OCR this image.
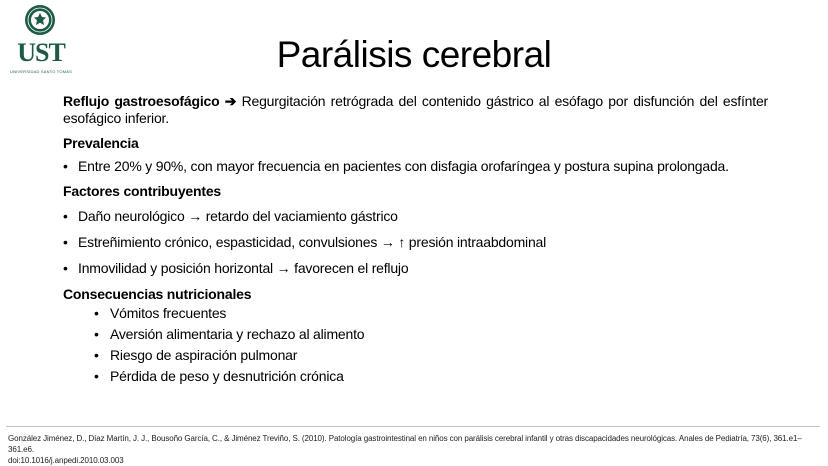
UST
UNIVERSIDAD SANTO TOMÁS	Parálisis cerebral

Reflujo gastroesofágico ➔ Regurgitación retrógrada del contenido gástrico al esófago por disfunción del esfínter esofágico inferior.

Prevalencia

• Entre 20% y 90%, con mayor frecuencia en pacientes con disfagia orofaríngea y postura supina prolongada.

Factores contribuyentes

• Daño neurológico → retardo del vaciamiento gástrico
• Estreñimiento crónico, espasticidad, convulsiones → ↑ presión intraabdominal
• Inmovilidad y posición horizontal → favorecen el reflujo

Consecuencias nutricionales

• Vómitos frecuentes
• Aversión alimentaria y rechazo al alimento
• Riesgo de aspiración pulmonar
• Pérdida de peso y desnutrición crónica
González Jiménez, D., Díaz Martín, J. J., Bousoño García, C., & Jiménez Treviño, S. (2010). Patología gastrointestinal en niños con parálisis cerebral infantil y otras discapacidades neurológicas. Anales de Pediatría, 73(6), 361.e1–361.e6.
doi:10.1016/j.anpedi.2010.03.003
